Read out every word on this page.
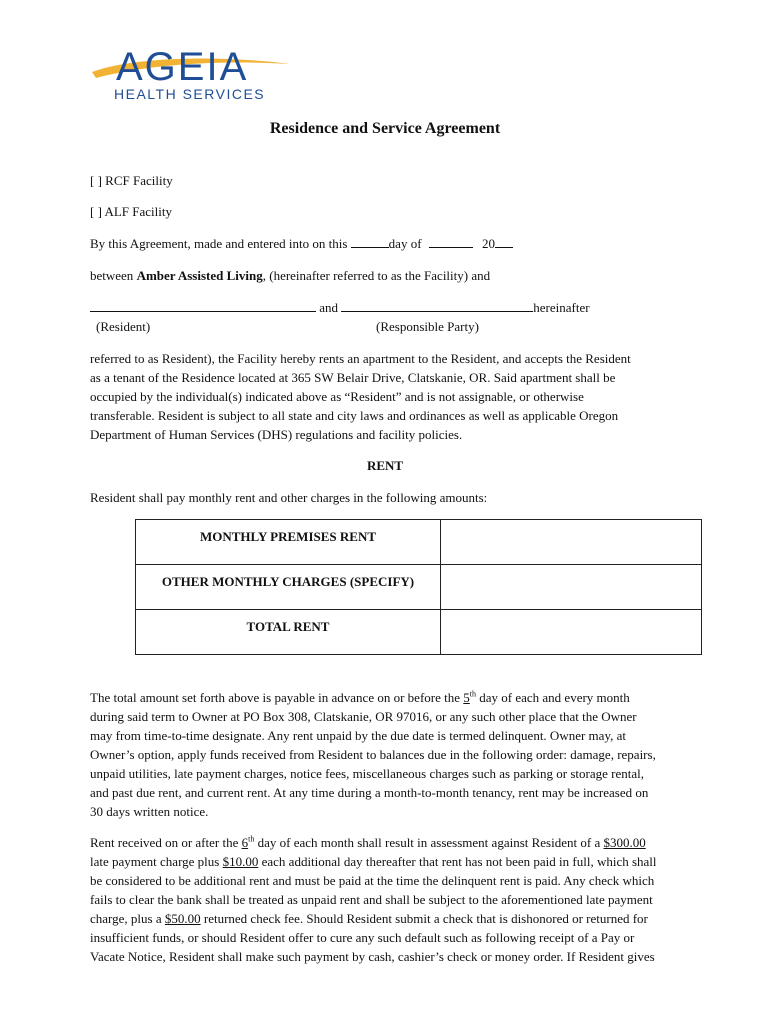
AGEIA
HEALTH SERVICES
Residence and Service Agreement
[ ] RCF Facility
[ ] ALF Facility
By this Agreement, made and entered into on this	day of	20
between Amber Assisted Living, (hereinafter referred to as the Facility) and
and	hereinafter
(Resident)	(Responsible Party)
referred to as Resident), the Facility hereby rents an apartment to the Resident, and accepts the Resident
as a tenant of the Residence located at 365 SW Belair Drive, Clatskanie, OR. Said apartment shall be
occupied by the individual(s) indicated above as “Resident” and is not assignable, or otherwise
transferable. Resident is subject to all state and city laws and ordinances as well as applicable Oregon
Department of Human Services (DHS) regulations and facility policies.
RENT
Resident shall pay monthly rent and other charges in the following amounts:
MONTHLY PREMISES RENT	
OTHER MONTHLY CHARGES (SPECIFY)	
TOTAL RENT	
The total amount set forth above is payable in advance on or before the 5th day of each and every month
during said term to Owner at PO Box 308, Clatskanie, OR 97016, or any such other place that the Owner
may from time-to-time designate. Any rent unpaid by the due date is termed delinquent. Owner may, at
Owner’s option, apply funds received from Resident to balances due in the following order: damage, repairs,
unpaid utilities, late payment charges, notice fees, miscellaneous charges such as parking or storage rental,
and past due rent, and current rent. At any time during a month-to-month tenancy, rent may be increased on
30 days written notice.
Rent received on or after the 6th day of each month shall result in assessment against Resident of a $300.00
late payment charge plus $10.00 each additional day thereafter that rent has not been paid in full, which shall
be considered to be additional rent and must be paid at the time the delinquent rent is paid. Any check which
fails to clear the bank shall be treated as unpaid rent and shall be subject to the aforementioned late payment
charge, plus a $50.00 returned check fee. Should Resident submit a check that is dishonored or returned for
insufficient funds, or should Resident offer to cure any such default such as following receipt of a Pay or
Vacate Notice, Resident shall make such payment by cash, cashier’s check or money order. If Resident gives
